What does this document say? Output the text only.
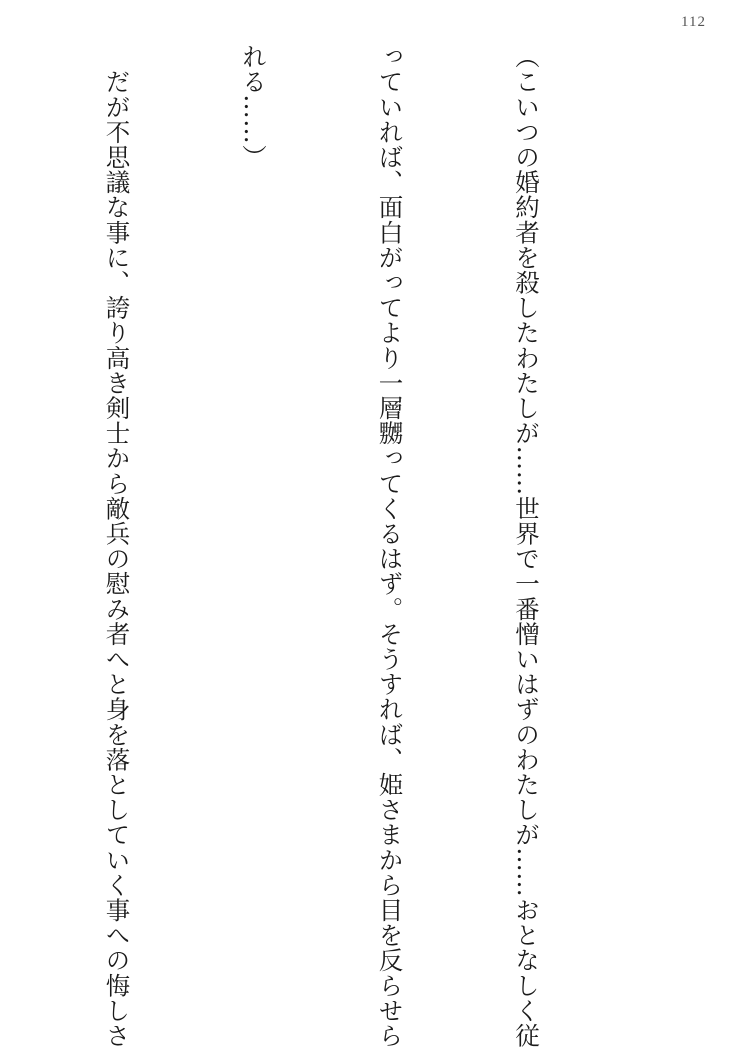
112

（こいつの婚約者を殺したわたしが……世界で一番憎いはずのわたしが……おとなしく従

っていれば、面白がってより一層嬲ってくるはず。そうすれば、姫さまから目を反らせら

れる……）

　だが不思議な事に、誇り高き剣士から敵兵の慰み者へと身を落としていく事への悔しさ
